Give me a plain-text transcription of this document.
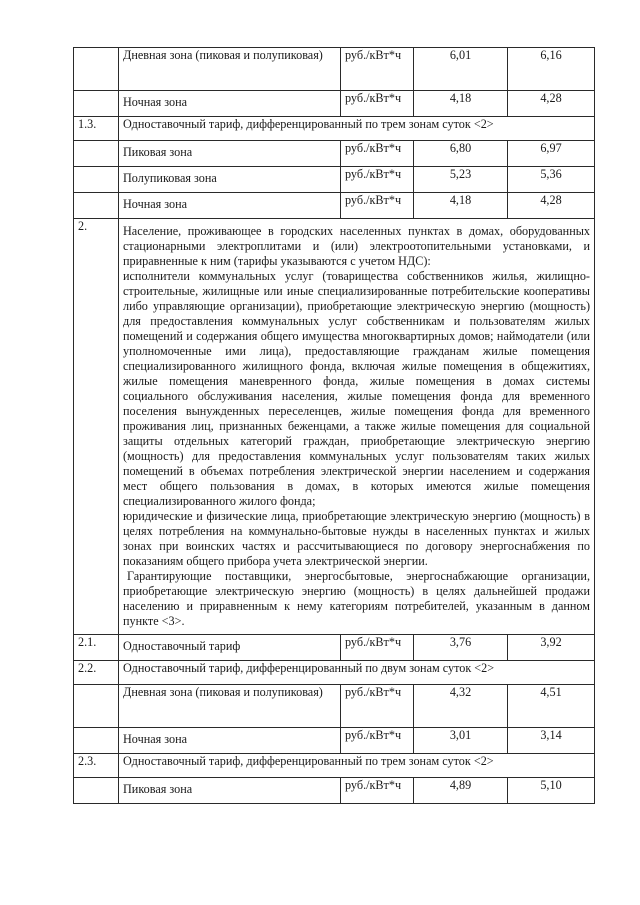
	Дневная зона (пиковая и полупиковая)	руб./кВт*ч	6,01	6,16
	Ночная зона	руб./кВт*ч	4,18	4,28
1.3.	Одноставочный тариф, дифференцированный по трем зонам суток <2>			
	Пиковая зона	руб./кВт*ч	6,80	6,97
	Полупиковая зона	руб./кВт*ч	5,23	5,36
	Ночная зона	руб./кВт*ч	4,18	4,28
2.	Население, проживающее в городских населенных пунктах в домах, оборудованных стационарными электроплитами и (или) электроотопительными установками, и приравненные к ним (тарифы указываются с учетом НДС):

исполнители коммунальных услуг (товарищества собственников жилья, жилищно-строительные, жилищные или иные специализированные потребительские кооперативы либо управляющие организации), приобретающие электрическую энергию (мощность) для предоставления коммунальных услуг собственникам и пользователям жилых помещений и содержания общего имущества многоквартирных домов; наймодатели (или уполномоченные ими лица), предоставляющие гражданам жилые помещения специализированного жилищного фонда, включая жилые помещения в общежитиях, жилые помещения маневренного фонда, жилые помещения в домах системы социального обслуживания населения, жилые помещения фонда для временного поселения вынужденных переселенцев, жилые помещения фонда для временного проживания лиц, признанных беженцами, а также жилые помещения для социальной защиты отдельных категорий граждан, приобретающие электрическую энергию (мощность) для предоставления коммунальных услуг пользователям таких жилых помещений в объемах потребления электрической энергии населением и содержания мест общего пользования в домах, в которых имеются жилые помещения специализированного жилого фонда;

юридические и физические лица, приобретающие электрическую энергию (мощность) в целях потребления на коммунально-бытовые нужды в населенных пунктах и жилых зонах при воинских частях и рассчитывающиеся по договору энергоснабжения по показаниям общего прибора учета электрической энергии.

Гарантирующие поставщики, энергосбытовые, энергоснабжающие организации, приобретающие электрическую энергию (мощность) в целях дальнейшей продажи населению и приравненным к нему категориям потребителей, указанным в данном пункте <3>.			

2.1.	Одноставочный тариф	руб./кВт*ч	3,76	3,92
2.2.	Одноставочный тариф, дифференцированный по двум зонам суток <2>			
	Дневная зона (пиковая и полупиковая)	руб./кВт*ч	4,32	4,51
	Ночная зона	руб./кВт*ч	3,01	3,14
2.3.	Одноставочный тариф, дифференцированный по трем зонам суток <2>			
	Пиковая зона	руб./кВт*ч	4,89	5,10
